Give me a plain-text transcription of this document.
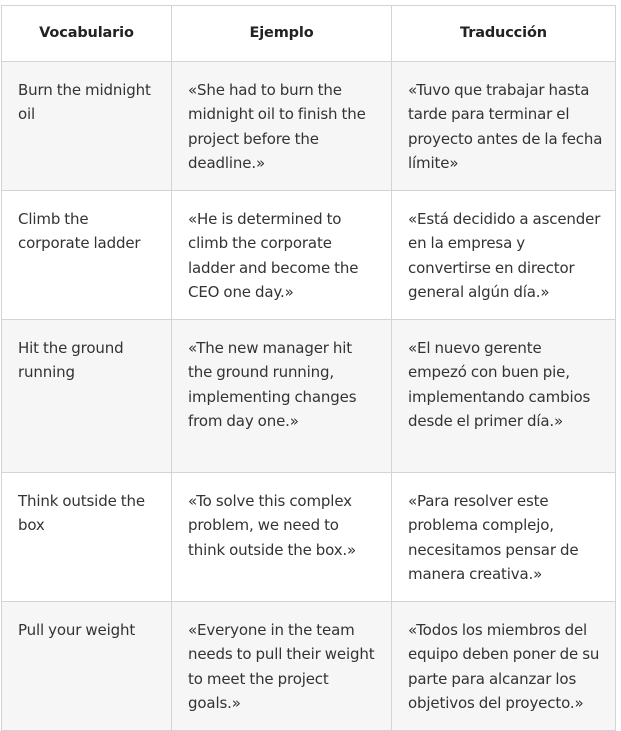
Vocabulario	Ejemplo	Traducción
Burn the midnight oil	«She had to burn the midnight oil to finish the project before the deadline.»	«Tuvo que trabajar hasta tarde para terminar el proyecto antes de la fecha límite»
Climb the corporate ladder	«He is determined to climb the corporate ladder and become the CEO one day.»	«Está decidido a ascender en la empresa y convertirse en director general algún día.»
Hit the ground running	«The new manager hit the ground running, implementing changes from day one.»	«El nuevo gerente empezó con buen pie, implementando cambios desde el primer día.»
Think outside the box	«To solve this complex problem, we need to think outside the box.»	«Para resolver este problema complejo, necesitamos pensar de manera creativa.»
Pull your weight	«Everyone in the team needs to pull their weight to meet the project goals.»	«Todos los miembros del equipo deben poner de su parte para alcanzar los objetivos del proyecto.»
